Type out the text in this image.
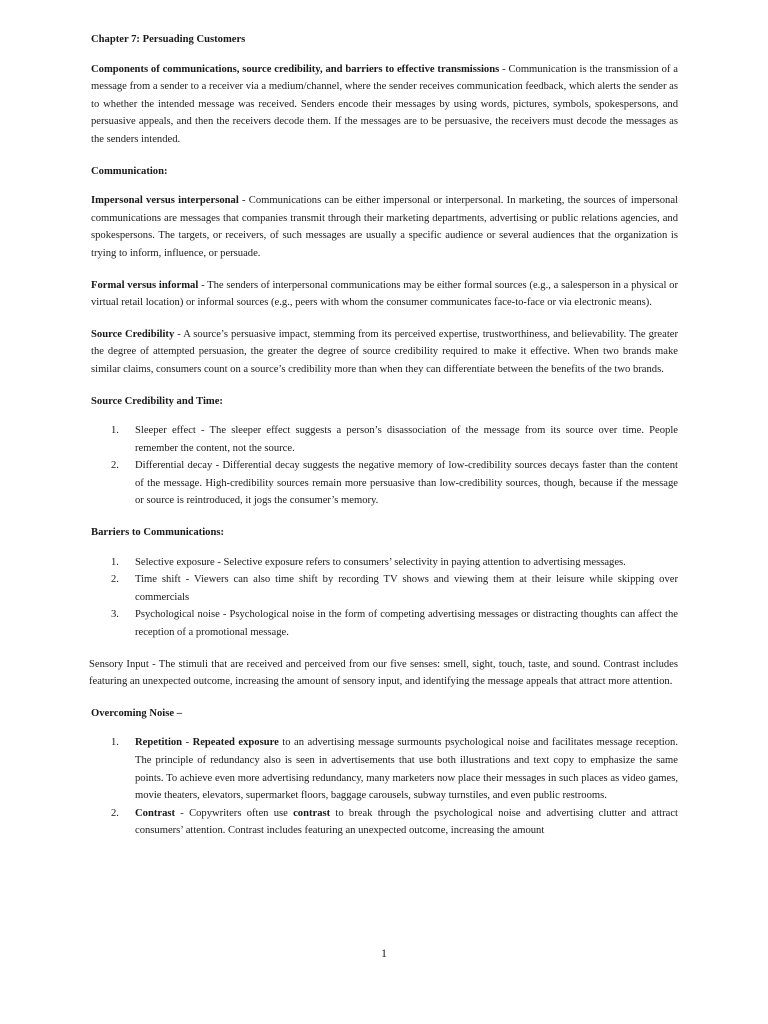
Chapter 7: Persuading Customers

Components of communications, source credibility, and barriers to effective transmissions - Communication is the transmission of a message from a sender to a receiver via a medium/channel, where the sender receives communication feedback, which alerts the sender as to whether the intended message was received. Senders encode their messages by using words, pictures, symbols, spokespersons, and persuasive appeals, and then the receivers decode them. If the messages are to be persuasive, the receivers must decode the messages as the senders intended.

Communication:

Impersonal versus interpersonal - Communications can be either impersonal or interpersonal. In marketing, the sources of impersonal communications are messages that companies transmit through their marketing departments, advertising or public relations agencies, and spokespersons. The targets, or receivers, of such messages are usually a specific audience or several audiences that the organization is trying to inform, influence, or persuade.

Formal versus informal - The senders of interpersonal communications may be either formal sources (e.g., a salesperson in a physical or virtual retail location) or informal sources (e.g., peers with whom the consumer communicates face-to-face or via electronic means).

Source Credibility - A source’s persuasive impact, stemming from its perceived expertise, trustworthiness, and believability. The greater the degree of attempted persuasion, the greater the degree of source credibility required to make it effective. When two brands make similar claims, consumers count on a source’s credibility more than when they can differentiate between the benefits of the two brands.

Source Credibility and Time:

1. Sleeper effect - The sleeper effect suggests a person’s disassociation of the message from its source over time. People remember the content, not the source.
2. Differential decay - Differential decay suggests the negative memory of low-credibility sources decays faster than the content of the message. High-credibility sources remain more persuasive than low-credibility sources, though, because if the message or source is reintroduced, it jogs the consumer’s memory.

Barriers to Communications:

1. Selective exposure - Selective exposure refers to consumers’ selectivity in paying attention to advertising messages.
2. Time shift - Viewers can also time shift by recording TV shows and viewing them at their leisure while skipping over commercials
3. Psychological noise - Psychological noise in the form of competing advertising messages or distracting thoughts can affect the reception of a promotional message.

Sensory Input - The stimuli that are received and perceived from our five senses: smell, sight, touch, taste, and sound. Contrast includes featuring an unexpected outcome, increasing the amount of sensory input, and identifying the message appeals that attract more attention.

Overcoming Noise –

1. Repetition - Repeated exposure to an advertising message surmounts psychological noise and facilitates message reception. The principle of redundancy also is seen in advertisements that use both illustrations and text copy to emphasize the same points. To achieve even more advertising redundancy, many marketers now place their messages in such places as video games, movie theaters, elevators, supermarket floors, baggage carousels, subway turnstiles, and even public restrooms.
2. Contrast - Copywriters often use contrast to break through the psychological noise and advertising clutter and attract consumers’ attention. Contrast includes featuring an unexpected outcome, increasing the amount
1
